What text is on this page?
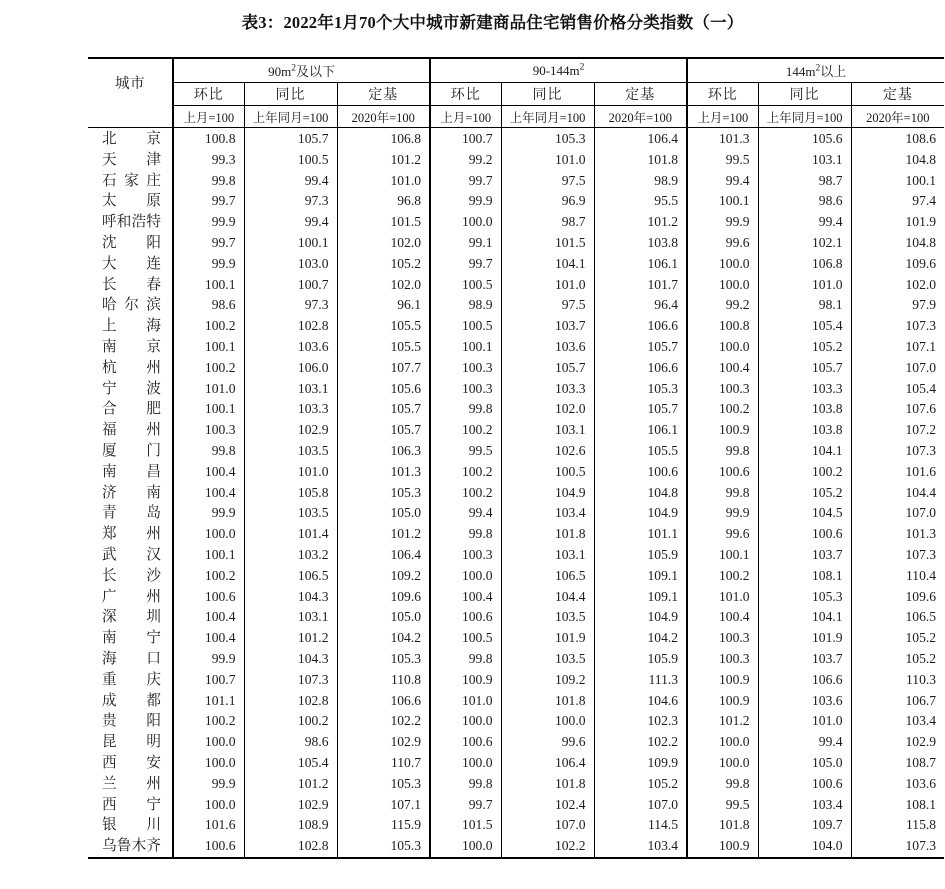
表3：2022年1月70个大中城市新建商品住宅销售价格分类指数（一）
城市	$90m^2$及以下			$90-144m^2$			$144m^2$以上		
	环比	同比	定基	环比	同比	定基	环比	同比	定基
	上月=100	上年同月=100	2020年=100	上月=100	上年同月=100	2020年=100	上月=100	上年同月=100	2020年=100
北京	100.8	105.7	106.8	100.7	105.3	106.4	101.3	105.6	108.6
天津	99.3	100.5	101.2	99.2	101.0	101.8	99.5	103.1	104.8
石家庄	99.8	99.4	101.0	99.7	97.5	98.9	99.4	98.7	100.1
太原	99.7	97.3	96.8	99.9	96.9	95.5	100.1	98.6	97.4
呼和浩特	99.9	99.4	101.5	100.0	98.7	101.2	99.9	99.4	101.9
沈阳	99.7	100.1	102.0	99.1	101.5	103.8	99.6	102.1	104.8
大连	99.9	103.0	105.2	99.7	104.1	106.1	100.0	106.8	109.6
长春	100.1	100.7	102.0	100.5	101.0	101.7	100.0	101.0	102.0
哈尔滨	98.6	97.3	96.1	98.9	97.5	96.4	99.2	98.1	97.9
上海	100.2	102.8	105.5	100.5	103.7	106.6	100.8	105.4	107.3
南京	100.1	103.6	105.5	100.1	103.6	105.7	100.0	105.2	107.1
杭州	100.2	106.0	107.7	100.3	105.7	106.6	100.4	105.7	107.0
宁波	101.0	103.1	105.6	100.3	103.3	105.3	100.3	103.3	105.4
合肥	100.1	103.3	105.7	99.8	102.0	105.7	100.2	103.8	107.6
福州	100.3	102.9	105.7	100.2	103.1	106.1	100.9	103.8	107.2
厦门	99.8	103.5	106.3	99.5	102.6	105.5	99.8	104.1	107.3
南昌	100.4	101.0	101.3	100.2	100.5	100.6	100.6	100.2	101.6
济南	100.4	105.8	105.3	100.2	104.9	104.8	99.8	105.2	104.4
青岛	99.9	103.5	105.0	99.4	103.4	104.9	99.9	104.5	107.0
郑州	100.0	101.4	101.2	99.8	101.8	101.1	99.6	100.6	101.3
武汉	100.1	103.2	106.4	100.3	103.1	105.9	100.1	103.7	107.3
长沙	100.2	106.5	109.2	100.0	106.5	109.1	100.2	108.1	110.4
广州	100.6	104.3	109.6	100.4	104.4	109.1	101.0	105.3	109.6
深圳	100.4	103.1	105.0	100.6	103.5	104.9	100.4	104.1	106.5
南宁	100.4	101.2	104.2	100.5	101.9	104.2	100.3	101.9	105.2
海口	99.9	104.3	105.3	99.8	103.5	105.9	100.3	103.7	105.2
重庆	100.7	107.3	110.8	100.9	109.2	111.3	100.9	106.6	110.3
成都	101.1	102.8	106.6	101.0	101.8	104.6	100.9	103.6	106.7
贵阳	100.2	100.2	102.2	100.0	100.0	102.3	101.2	101.0	103.4
昆明	100.0	98.6	102.9	100.6	99.6	102.2	100.0	99.4	102.9
西安	100.0	105.4	110.7	100.0	106.4	109.9	100.0	105.0	108.7
兰州	99.9	101.2	105.3	99.8	101.8	105.2	99.8	100.6	103.6
西宁	100.0	102.9	107.1	99.7	102.4	107.0	99.5	103.4	108.1
银川	101.6	108.9	115.9	101.5	107.0	114.5	101.8	109.7	115.8
乌鲁木齐	100.6	102.8	105.3	100.0	102.2	103.4	100.9	104.0	107.3
